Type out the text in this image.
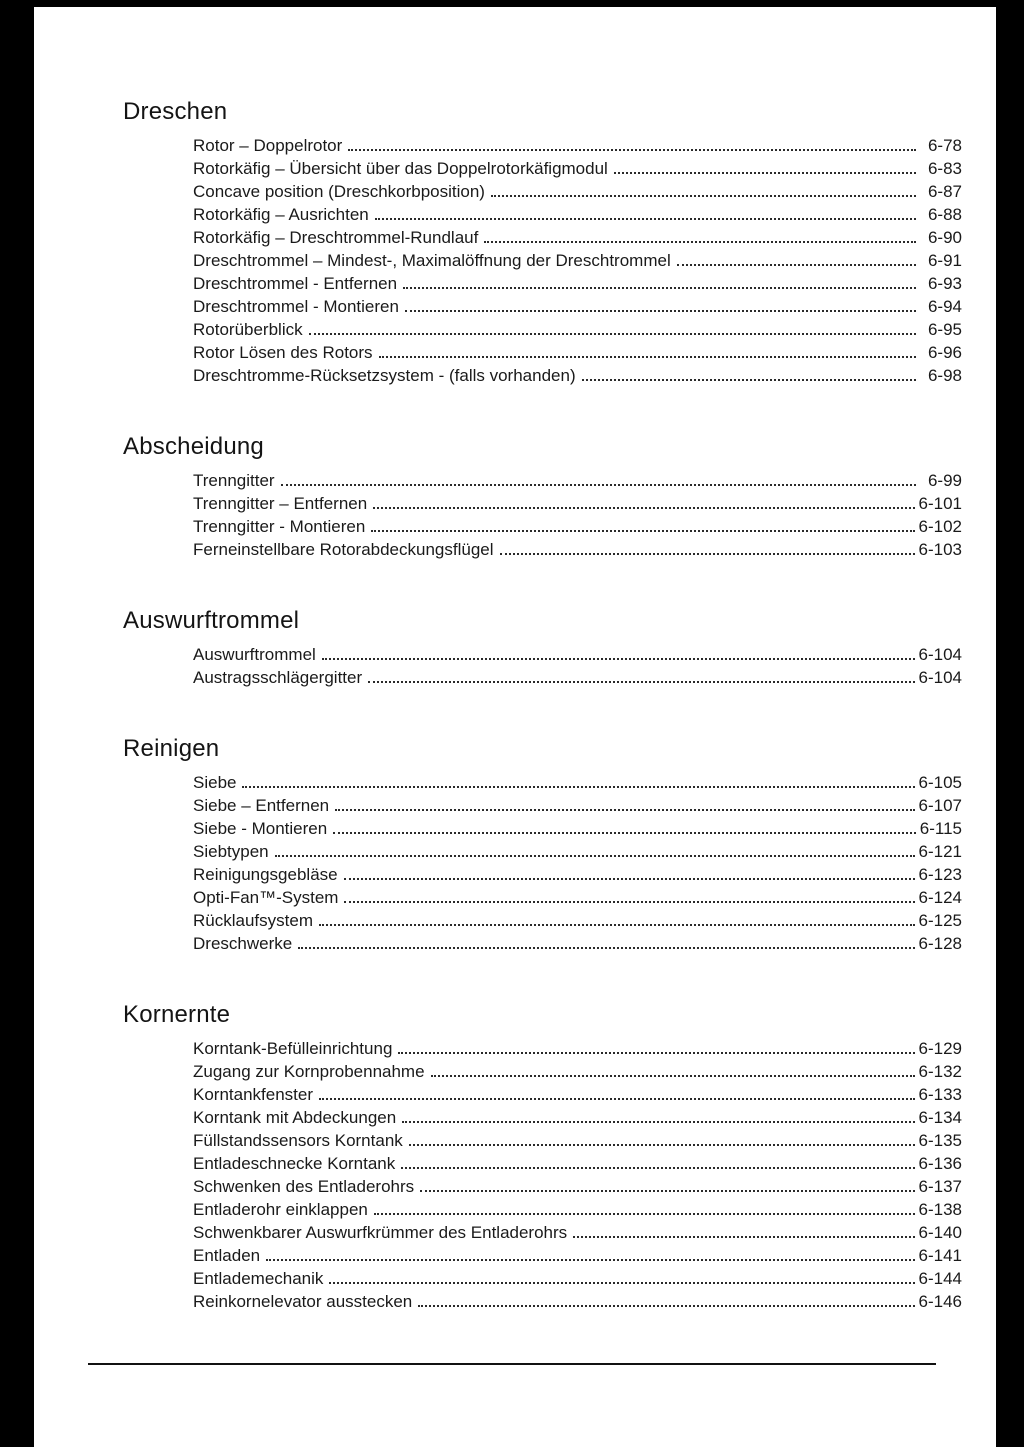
Dreschen
Rotor – Doppelrotor	6-78
Rotorkäfig – Übersicht über das Doppelrotorkäfigmodul	6-83
Concave position (Dreschkorbposition)	6-87
Rotorkäfig – Ausrichten	6-88
Rotorkäfig – Dreschtrommel-Rundlauf	6-90
Dreschtrommel – Mindest-, Maximalöffnung der Dreschtrommel	6-91
Dreschtrommel - Entfernen	6-93
Dreschtrommel - Montieren	6-94
Rotorüberblick	6-95
Rotor Lösen des Rotors	6-96
Dreschtromme-Rücksetzsystem - (falls vorhanden)	6-98
Abscheidung
Trenngitter	6-99
Trenngitter – Entfernen	6-101
Trenngitter - Montieren	6-102
Ferneinstellbare Rotorabdeckungsflügel	6-103
Auswurftrommel
Auswurftrommel	6-104
Austragsschlägergitter	6-104
Reinigen
Siebe	6-105
Siebe – Entfernen	6-107
Siebe - Montieren	6-115
Siebtypen	6-121
Reinigungsgebläse	6-123
Opti-Fan™-System	6-124
Rücklaufsystem	6-125
Dreschwerke	6-128
Kornernte
Korntank-Befülleinrichtung	6-129
Zugang zur Kornprobennahme	6-132
Korntankfenster	6-133
Korntank mit Abdeckungen	6-134
Füllstandssensors Korntank	6-135
Entladeschnecke Korntank	6-136
Schwenken des Entladerohrs	6-137
Entladerohr einklappen	6-138
Schwenkbarer Auswurfkrümmer des Entladerohrs	6-140
Entladen	6-141
Entlademechanik	6-144
Reinkornelevator ausstecken	6-146
